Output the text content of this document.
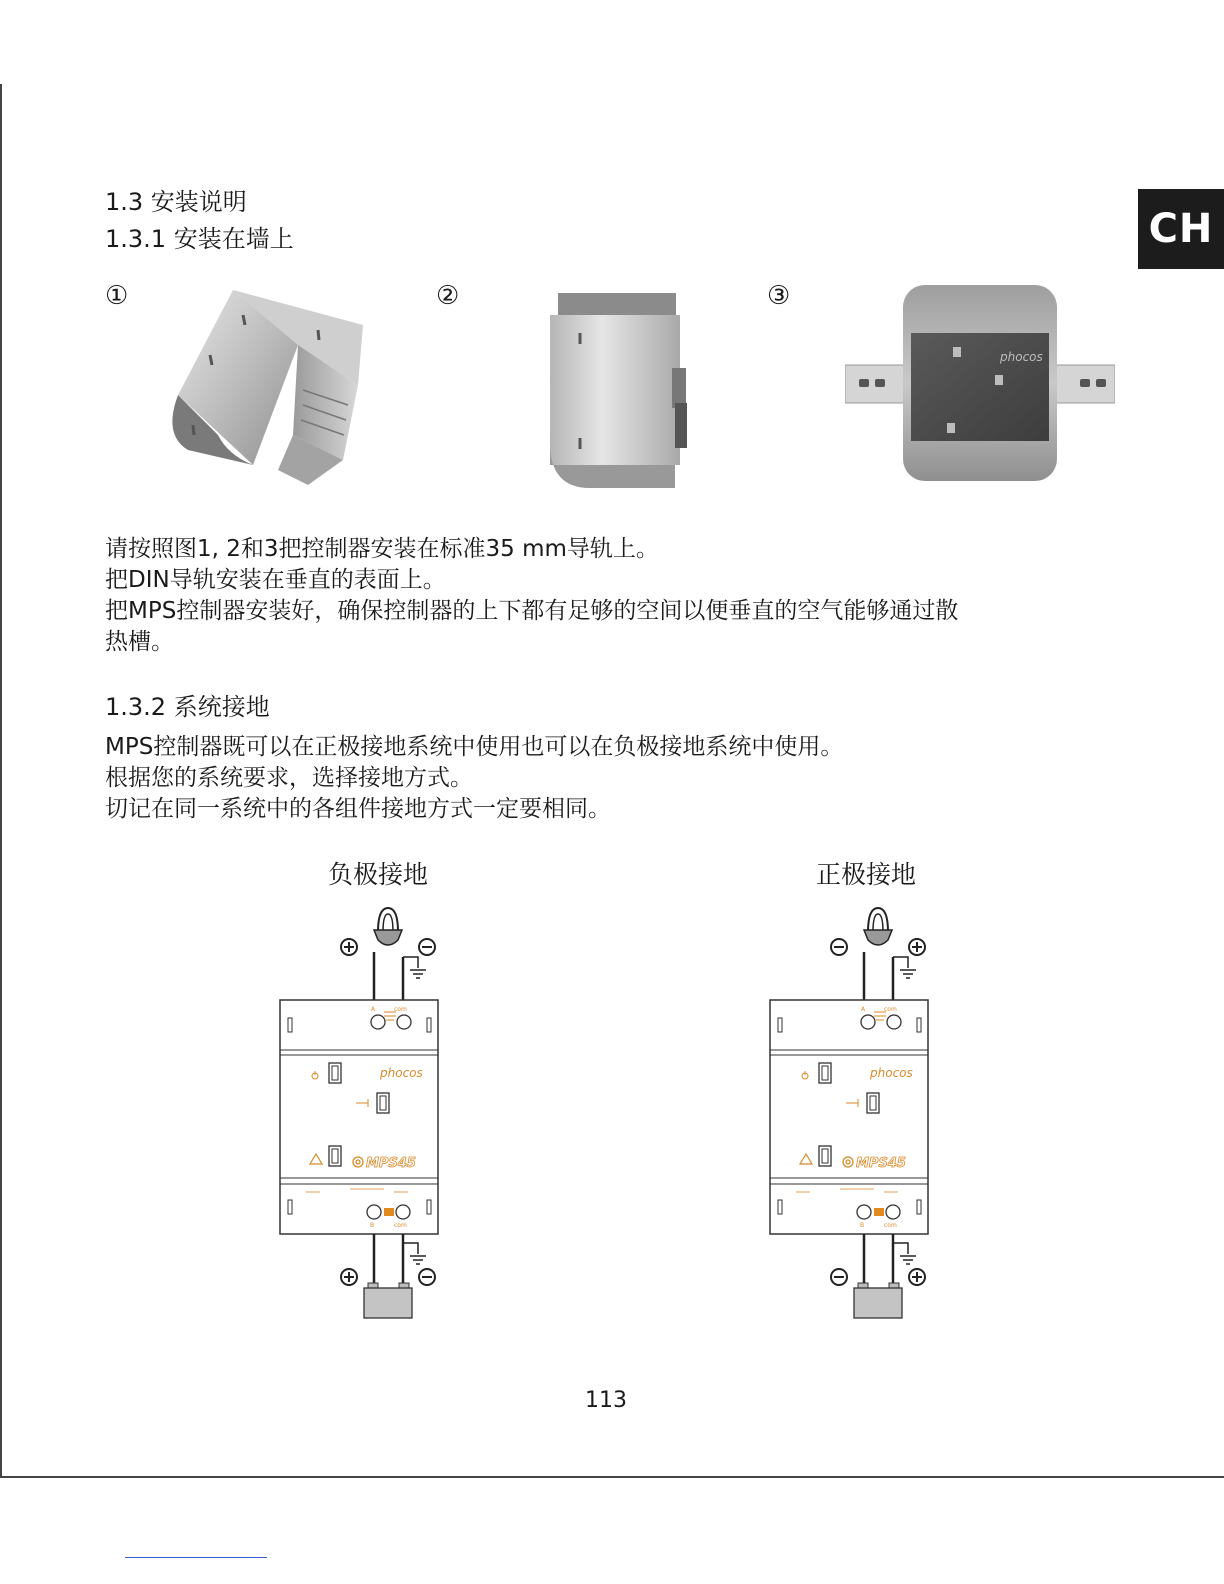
CH
1.3 安装说明
1.3.1 安装在墙上
①	②	③
phocos

请按照图1, 2和3把控制器安装在标准35 mm导轨上。

把DIN导轨安装在垂直的表面上。

把MPS控制器安装好，确保控制器的上下都有足够的空间以便垂直的空气能够通过散

热槽。

1.3.2 系统接地

MPS控制器既可以在正极接地系统中使用也可以在负极接地系统中使用。

根据您的系统要求，选择接地方式。

切记在同一系统中的各组件接地方式一定要相同。

负极接地	正极接地
A	com
phocos
MPS45
B	com
A	com
phocos
MPS45
B	com
113
